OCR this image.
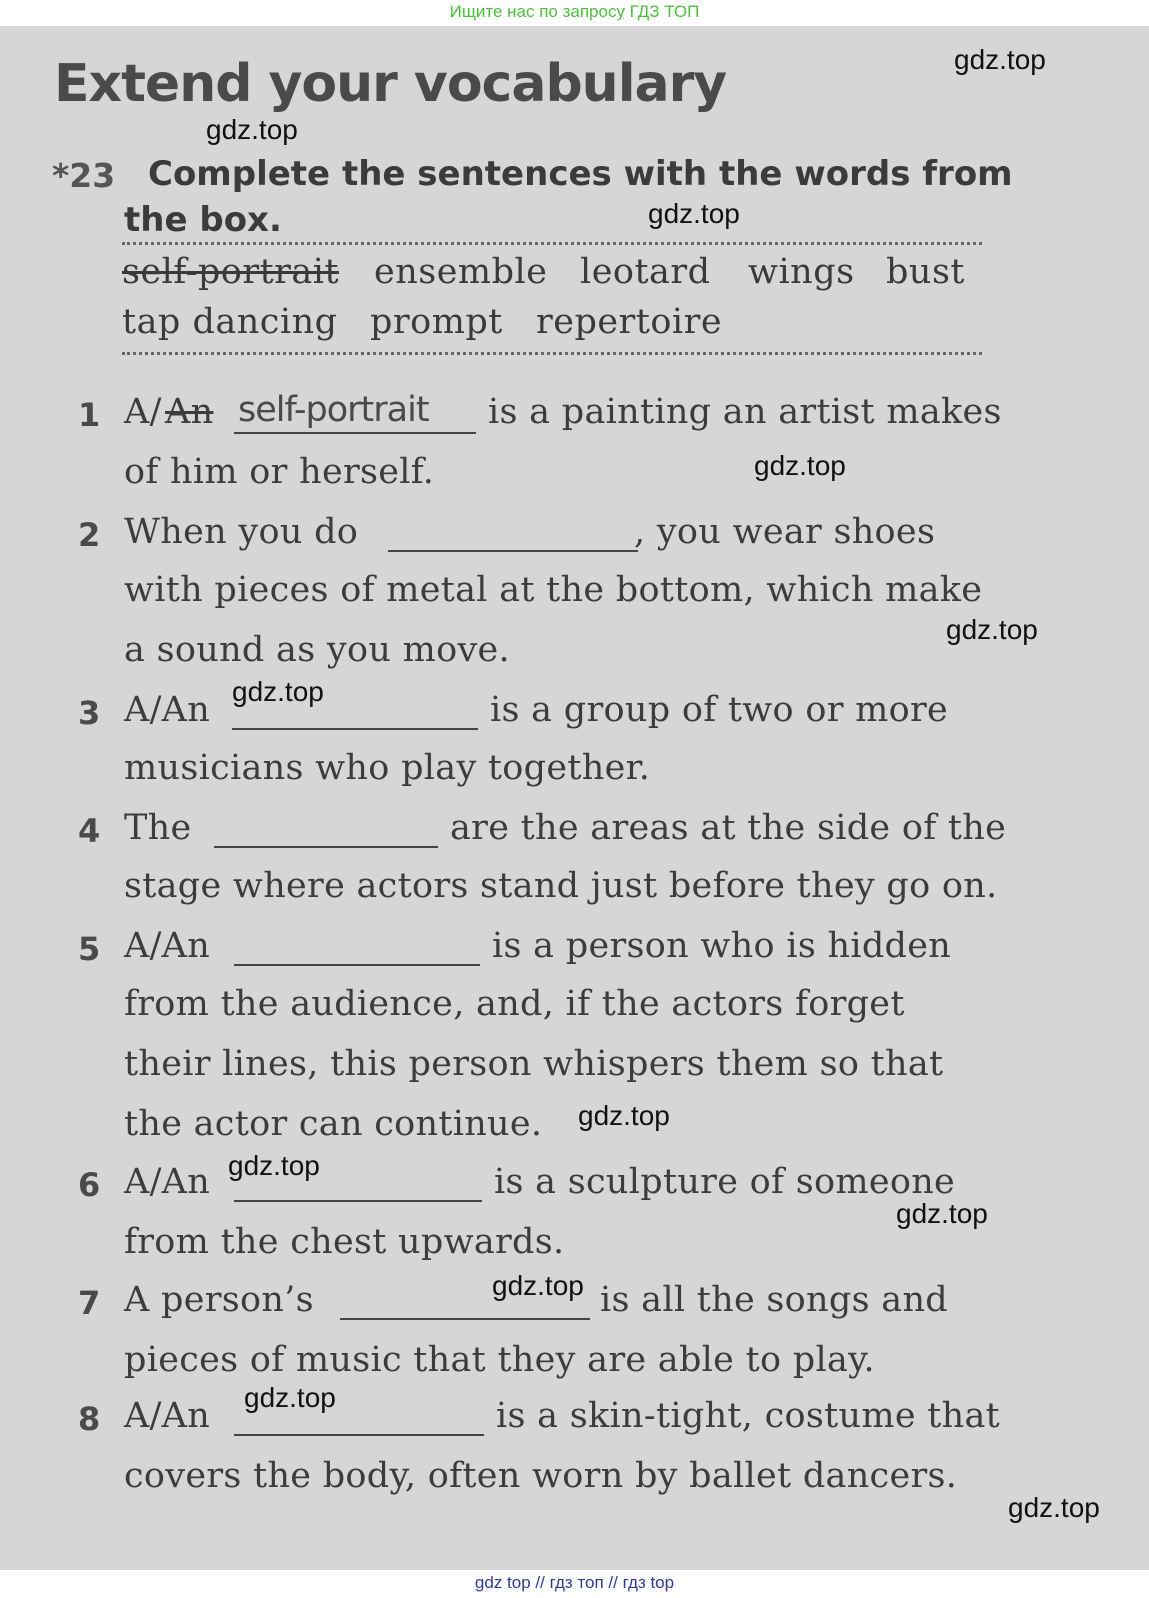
Ищите нас по запросу ГДЗ ТОП
Extend your vocabulary
*23 Complete the sentences with the words from
the box.
self-portrait ensemble leotard wings bust
tap dancing prompt repertoire
1 A/ An self-portrait is a painting an artist makes
of him or herself.
2 When you do	, you wear shoes
with pieces of metal at the bottom, which make
a sound as you move.
3 A/An	is a group of two or more
musicians who play together.
4 The	are the areas at the side of the
stage where actors stand just before they go on.
5 A/An	is a person who is hidden
from the audience, and, if the actors forget
their lines, this person whispers them so that
the actor can continue.
6 A/An	is a sculpture of someone
from the chest upwards.
7 A person’s	is all the songs and
pieces of music that they are able to play.
8 A/An	is a skin-tight, costume that
covers the body, often worn by ballet dancers.
gdz.top
gdz.top
gdz.top
gdz.top
gdz.top
gdz.top
gdz.top
gdz.top
gdz.top
gdz.top
gdz.top
gdz.top
gdz top // гдз топ // гдз top
